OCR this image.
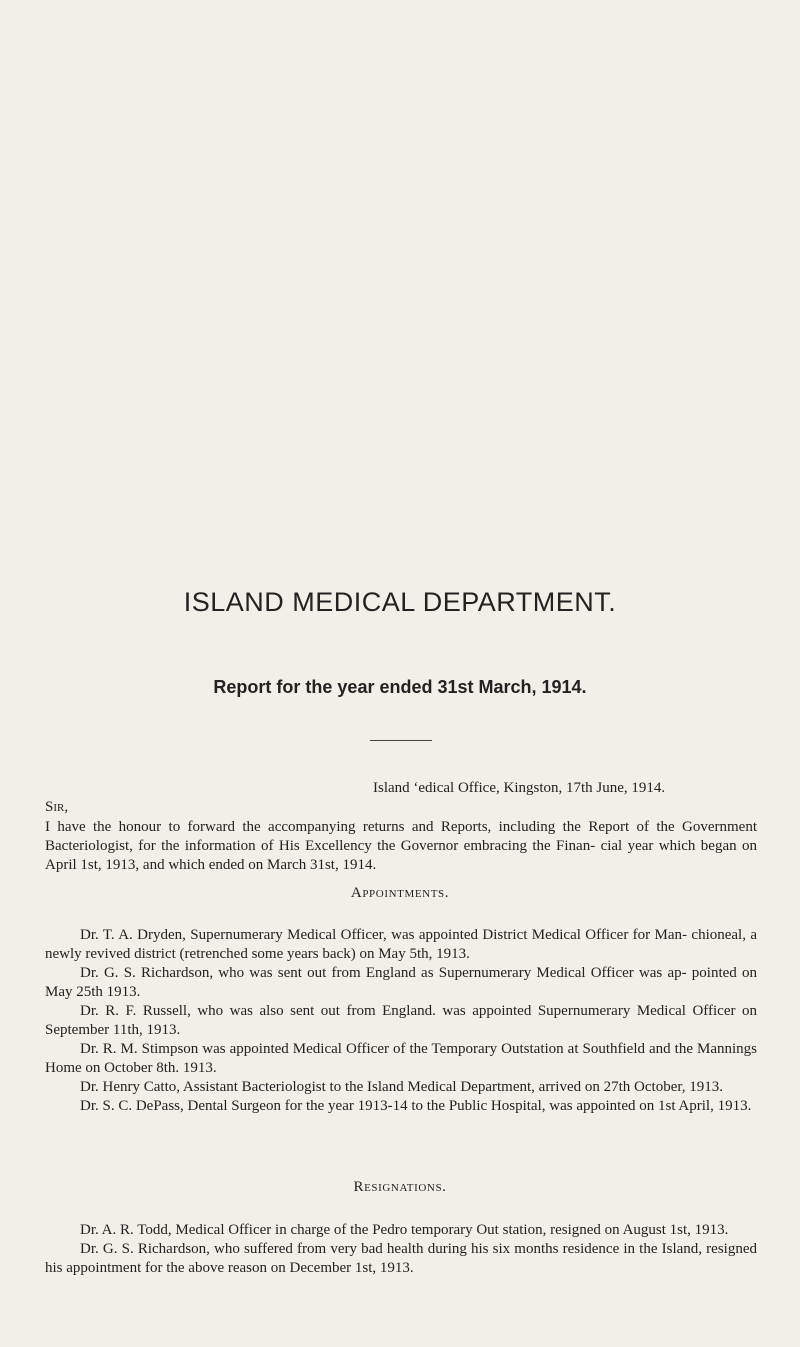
ISLAND MEDICAL DEPARTMENT.
Report for the year ended 31st March, 1914.
Island ‘edical Office, Kingston, 17th June, 1914.
Sir,

I have the honour to forward the accompanying returns and Reports, including the Report of the Government Bacteriologist, for the information of His Excellency the Governor embracing the Finan‑ cial year which began on April 1st, 1913, and which ended on March 31st, 1914.

Appointments.

Dr. T. A. Dryden, Supernumerary Medical Officer, was appointed District Medical Officer for Man- chioneal, a newly revived district (retrenched some years back) on May 5th, 1913.

Dr. G. S. Richardson, who was sent out from England as Supernumerary Medical Officer was ap- pointed on May 25th 1913.

Dr. R. F. Russell, who was also sent out from England. was appointed Supernumerary Medical Officer on September 11th, 1913.

Dr. R. M. Stimpson was appointed Medical Officer of the Temporary Outstation at Southfield and the Mannings Home on October 8th. 1913.

Dr. Henry Catto, Assistant Bacteriologist to the Island Medical Department, arrived on 27th October, 1913.

Dr. S. C. DePass, Dental Surgeon for the year 1913-14 to the Public Hospital, was appointed on 1st April, 1913.

Resignations.

Dr. A. R. Todd, Medical Officer in charge of the Pedro temporary Out station, resigned on August 1st, 1913.

Dr. G. S. Richardson, who suffered from very bad health during his six months residence in the Island, resigned his appointment for the above reason on December 1st, 1913.
